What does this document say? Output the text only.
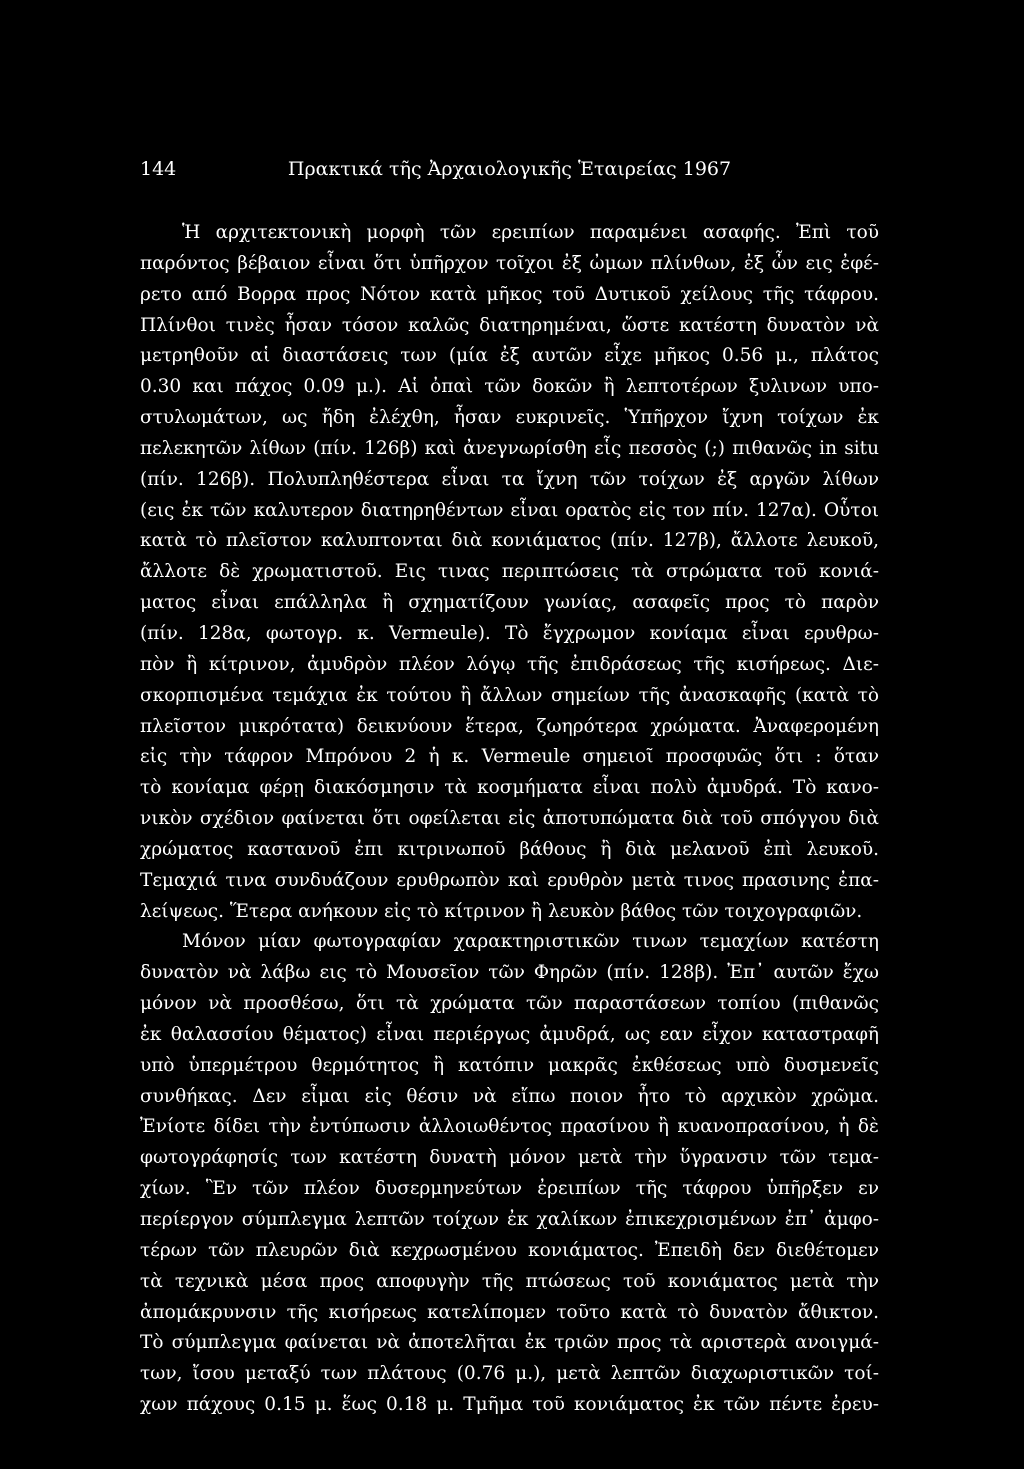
144	Πρακτικά τῆς Ἀρχαιολογικῆς Ἑταιρείας 1967
Ἡ αρχιτεκτονικὴ μορφὴ τῶν ερειπίων παραμένει ασαφής. Ἐπὶ τοῦ
παρόντος βέβαιον εἶναι ὅτι ὑπῆρχον τοῖχοι ἐξ ὠμων πλίνθων, ἐξ ὧν εις ἐφέ-
ρετο από Βορρα προς Νότον κατὰ μῆκος τοῦ Δυτικοῦ χείλους τῆς τάφρου.
Πλίνθοι τινὲς ἦσαν τόσον καλῶς διατηρημέναι, ὥστε κατέστη δυνατὸν νὰ
μετρηθοῦν αἱ διαστάσεις των (μία ἐξ αυτῶν εἶχε μῆκος 0.56 μ., πλάτος
0.30 και πάχος 0.09 μ.). Αἱ ὀπαὶ τῶν δοκῶν ἢ λεπτοτέρων ξυλινων υπο-
στυλωμάτων, ως ἤδη ἐλέχθη, ἦσαν ευκρινεῖς. Ὑπῆρχον ἴχνη τοίχων ἐκ
πελεκητῶν λίθων (πίν. 126β) καὶ ἀνεγνωρίσθη εἷς πεσσὸς (;) πιθανῶς in situ
(πίν. 126β). Πολυπληθέστερα εἶναι τα ἴχνη τῶν τοίχων ἐξ αργῶν λίθων
(εις ἐκ τῶν καλυτερον διατηρηθέντων εἶναι ορατὸς εἰς τον πίν. 127α). Οὗτοι
κατὰ τὸ πλεῖστον καλυπτονται διὰ κονιάματος (πίν. 127β), ἄλλοτε λευκοῦ,
ἄλλοτε δὲ χρωματιστοῦ. Εις τινας περιπτώσεις τὰ στρώματα τοῦ κονιά-
ματος εἶναι επάλληλα ἢ σχηματίζουν γωνίας, ασαφεῖς προς τὸ παρὸν
(πίν. 128α, φωτογρ. κ. Vermeule). Τὸ ἔγχρωμον κονίαμα εἶναι ερυθρω-
πὸν ἢ κίτρινον, ἀμυδρὸν πλέον λόγῳ τῆς ἐπιδράσεως τῆς κισήρεως. Διε-
σκορπισμένα τεμάχια ἐκ τούτου ἢ ἄλλων σημείων τῆς ἀνασκαφῆς (κατὰ τὸ
πλεῖστον μικρότατα) δεικνύουν ἕτερα, ζωηρότερα χρώματα. Ἀναφερομένη
εἰς τὴν τάφρον Μπρόνου 2 ἡ κ. Vermeule σημειοῖ προσφυῶς ὅτι : ὅταν
τὸ κονίαμα φέρῃ διακόσμησιν τὰ κοσμήματα εἶναι πολὺ ἀμυδρά. Τὸ κανο-
νικὸν σχέδιον φαίνεται ὅτι οφείλεται εἰς ἀποτυπώματα διὰ τοῦ σπόγγου διὰ
χρώματος καστανοῦ ἐπι κιτρινωποῦ βάθους ἢ διὰ μελανοῦ ἐπὶ λευκοῦ.
Τεμαχιά τινα συνδυάζουν ερυθρωπὸν καὶ ερυθρὸν μετὰ τινος πρασινης ἐπα-
λείψεως. Ἕτερα ανήκουν εἰς τὸ κίτρινον ἢ λευκὸν βάθος τῶν τοιχογραφιῶν.
Μόνον μίαν φωτογραφίαν χαρακτηριστικῶν τινων τεμαχίων κατέστη
δυνατὸν νὰ λάβω εις τὸ Μουσεῖον τῶν Φηρῶν (πίν. 128β). Ἐπ᾽ αυτῶν ἔχω
μόνον νὰ προσθέσω, ὅτι τὰ χρώματα τῶν παραστάσεων τοπίου (πιθανῶς
ἐκ θαλασσίου θέματος) εἶναι περιέργως ἀμυδρά, ως εαν εἶχον καταστραφῆ
υπὸ ὑπερμέτρου θερμότητος ἢ κατόπιν μακρᾶς ἐκθέσεως υπὸ δυσμενεῖς
συνθήκας. Δεν εἶμαι εἰς θέσιν νὰ εἴπω ποιον ἦτο τὸ αρχικὸν χρῶμα.
Ἐνίοτε δίδει τὴν ἐντύπωσιν ἀλλοιωθέντος πρασίνου ἢ κυανοπρασίνου, ἡ δὲ
φωτογράφησίς των κατέστη δυνατὴ μόνον μετὰ τὴν ὕγρανσιν τῶν τεμα-
χίων. Ἓν τῶν πλέον δυσερμηνεύτων ἐρειπίων τῆς τάφρου ὑπῆρξεν εν
περίεργον σύμπλεγμα λεπτῶν τοίχων ἐκ χαλίκων ἐπικεχρισμένων ἐπ᾽ ἀμφο-
τέρων τῶν πλευρῶν διὰ κεχρωσμένου κονιάματος. Ἐπειδὴ δεν διεθέτομεν
τὰ τεχνικὰ μέσα προς αποφυγὴν τῆς πτώσεως τοῦ κονιάματος μετὰ τὴν
ἀπομάκρυνσιν τῆς κισήρεως κατελίπομεν τοῦτο κατὰ τὸ δυνατὸν ἄθικτον.
Τὸ σύμπλεγμα φαίνεται νὰ ἀποτελῆται ἐκ τριῶν προς τὰ αριστερὰ ανοιγμά-
των, ἴσου μεταξύ των πλάτους (0.76 μ.), μετὰ λεπτῶν διαχωριστικῶν τοί-
χων πάχους 0.15 μ. ἕως 0.18 μ. Τμῆμα τοῦ κονιάματος ἐκ τῶν πέντε ἐρευ-
